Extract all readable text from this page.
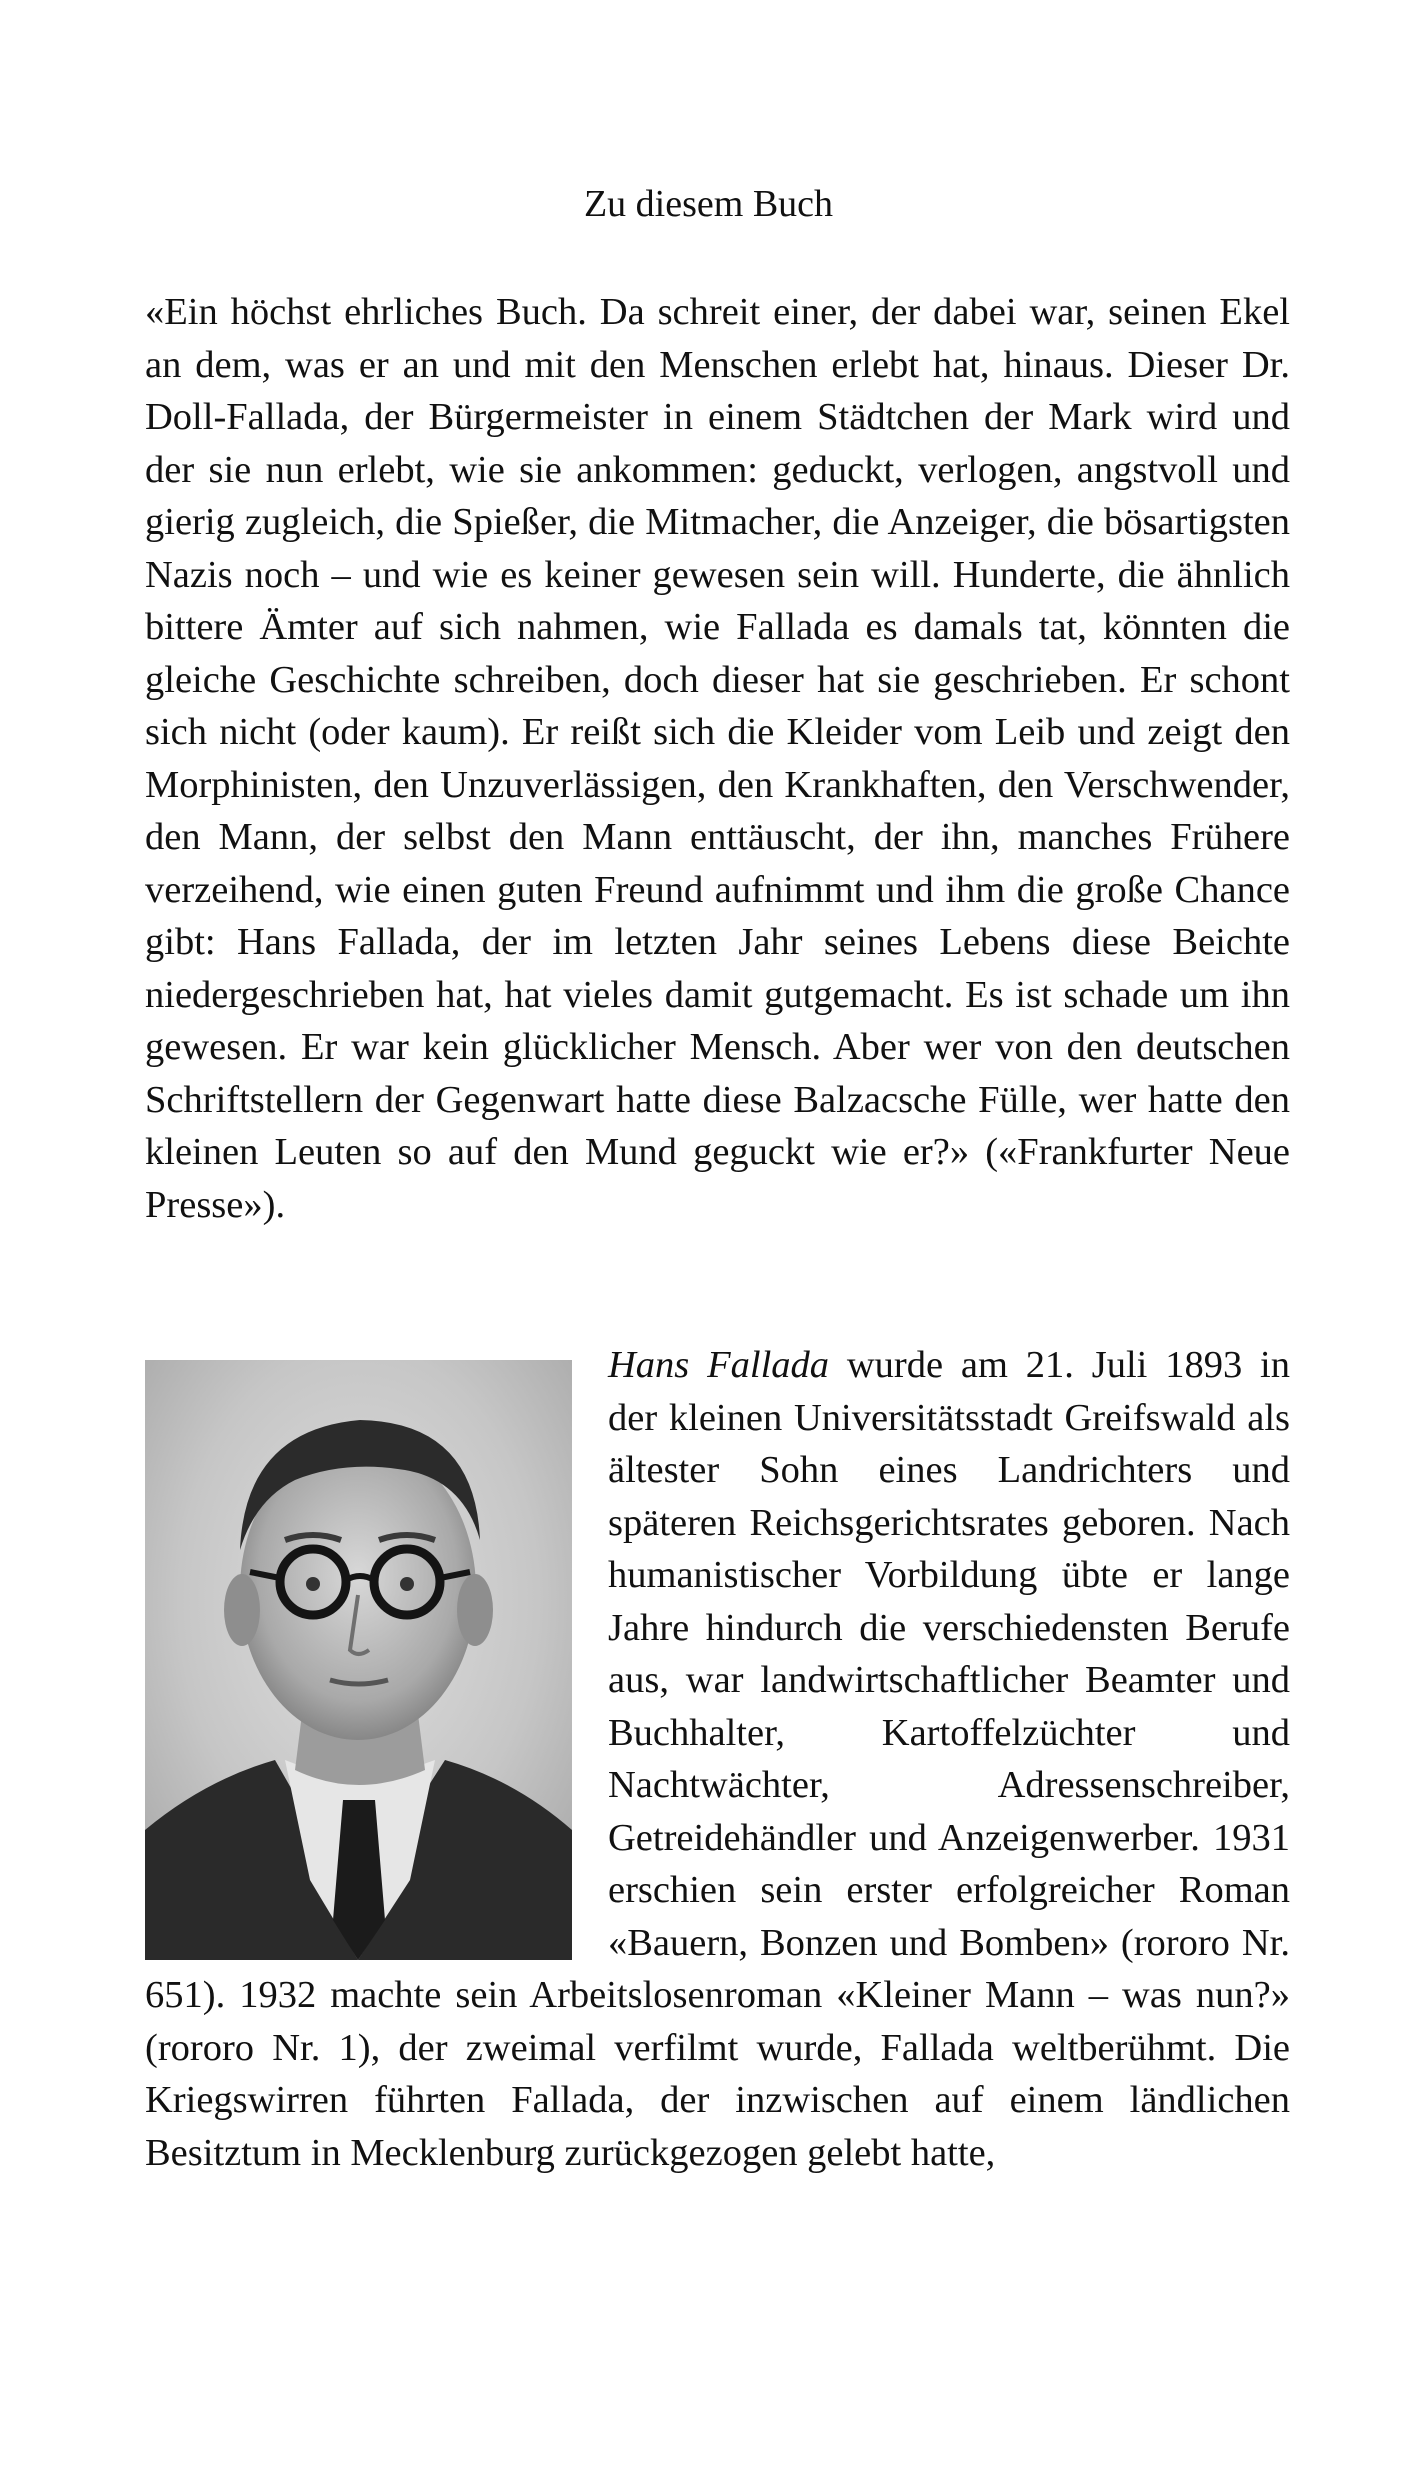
Zu diesem Buch

«Ein höchst ehrliches Buch. Da schreit einer, der dabei war, seinen Ekel an dem, was er an und mit den Menschen erlebt hat, hinaus. Dieser Dr. Doll-Fallada, der Bürgermeister in einem Städtchen der Mark wird und der sie nun erlebt, wie sie ankommen: geduckt, verlogen, angstvoll und gierig zugleich, die Spießer, die Mitmacher, die Anzeiger, die bösartigsten Nazis noch – und wie es keiner gewesen sein will. Hunderte, die ähnlich bittere Ämter auf sich nahmen, wie Fallada es damals tat, könnten die gleiche Geschichte schreiben, doch dieser hat sie geschrieben. Er schont sich nicht (oder kaum). Er reißt sich die Kleider vom Leib und zeigt den Morphinisten, den Unzuverlässigen, den Krankhaften, den Verschwender, den Mann, der selbst den Mann enttäuscht, der ihn, manches Frühere verzeihend, wie einen guten Freund aufnimmt und ihm die große Chance gibt: Hans Fallada, der im letzten Jahr seines Lebens diese Beichte niedergeschrieben hat, hat vieles damit gutgemacht. Es ist schade um ihn gewesen. Er war kein glücklicher Mensch. Aber wer von den deutschen Schriftstellern der Gegenwart hatte diese Balzacsche Fülle, wer hatte den kleinen Leuten so auf den Mund geguckt wie er?» («Frankfurter Neue Presse»).

Hans Fallada wurde am 21. Juli 1893 in der kleinen Universitätsstadt Greifswald als ältester Sohn eines Landrichters und späteren Reichsgerichtsrates geboren. Nach humanistischer Vorbildung übte er lange Jahre hindurch die verschiedensten Berufe aus, war landwirtschaftlicher Beamter und Buchhalter, Kartoffelzüchter und Nachtwächter, Adressenschreiber, Getreidehändler und Anzeigenwerber. 1931 erschien sein erster erfolgreicher Roman «Bauern, Bonzen und Bomben» (rororo Nr. 651). 1932 machte sein Arbeitslosenroman «Kleiner Mann – was nun?» (rororo Nr. 1), der zweimal verfilmt wurde, Fallada weltberühmt. Die Kriegswirren führten Fallada, der inzwischen auf einem ländlichen Besitztum in Mecklenburg zurückgezogen gelebt hatte,
